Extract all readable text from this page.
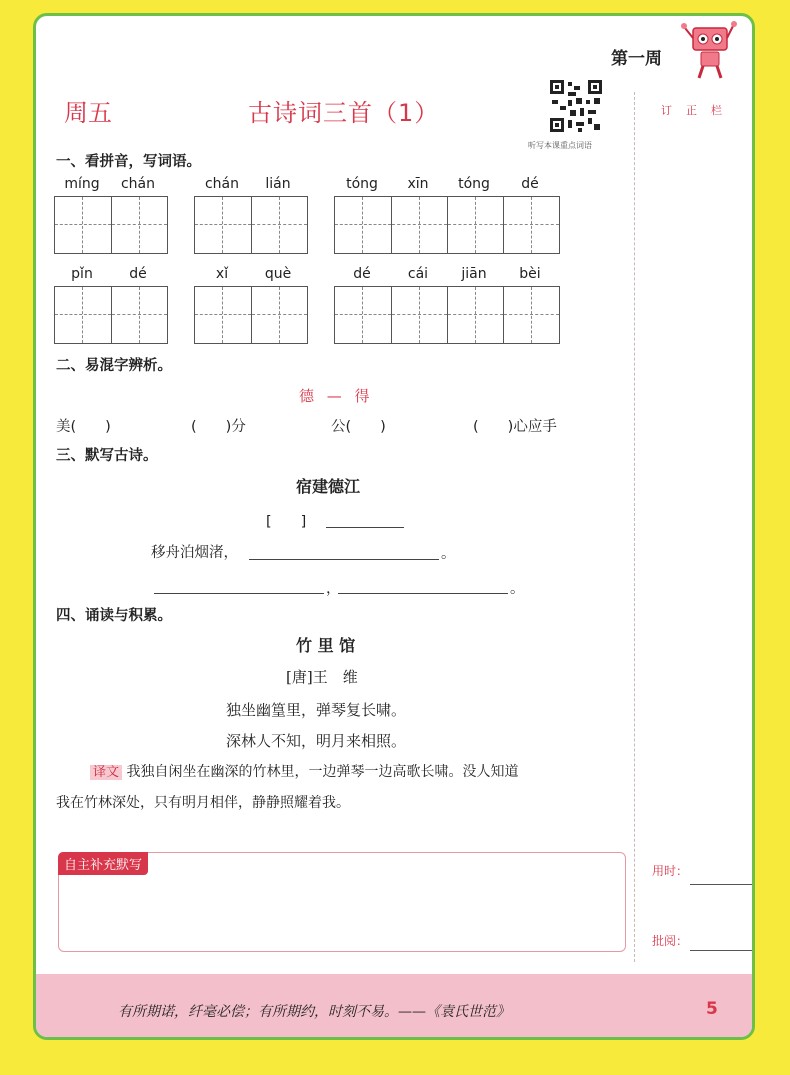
第一周
周五	古诗词三首（1）
听写本课重点词语
订正栏
一、看拼音，写词语。
míng	chán	chán	lián	tóng	xīn	tóng	dé
pǐn	dé	xǐ	què	dé	cái	jiān	bèi
二、易混字辨析。
德 — 得
美(　　)	(　　)分	公(　　)	(　　)心应手
三、默写古诗。
宿建德江
[　　]
移舟泊烟渚，	。
，	。
四、诵读与积累。
竹 里 馆
[唐]王　维
独坐幽篁里，弹琴复长啸。
深林人不知，明月来相照。
译文 我独自闲坐在幽深的竹林里，一边弹琴一边高歌长啸。没人知道
我在竹林深处，只有明月相伴，静静照耀着我。
自主补充默写	用时：
批阅：
有所期诺，纤毫必偿；有所期约，时刻不易。——《袁氏世范》	5
